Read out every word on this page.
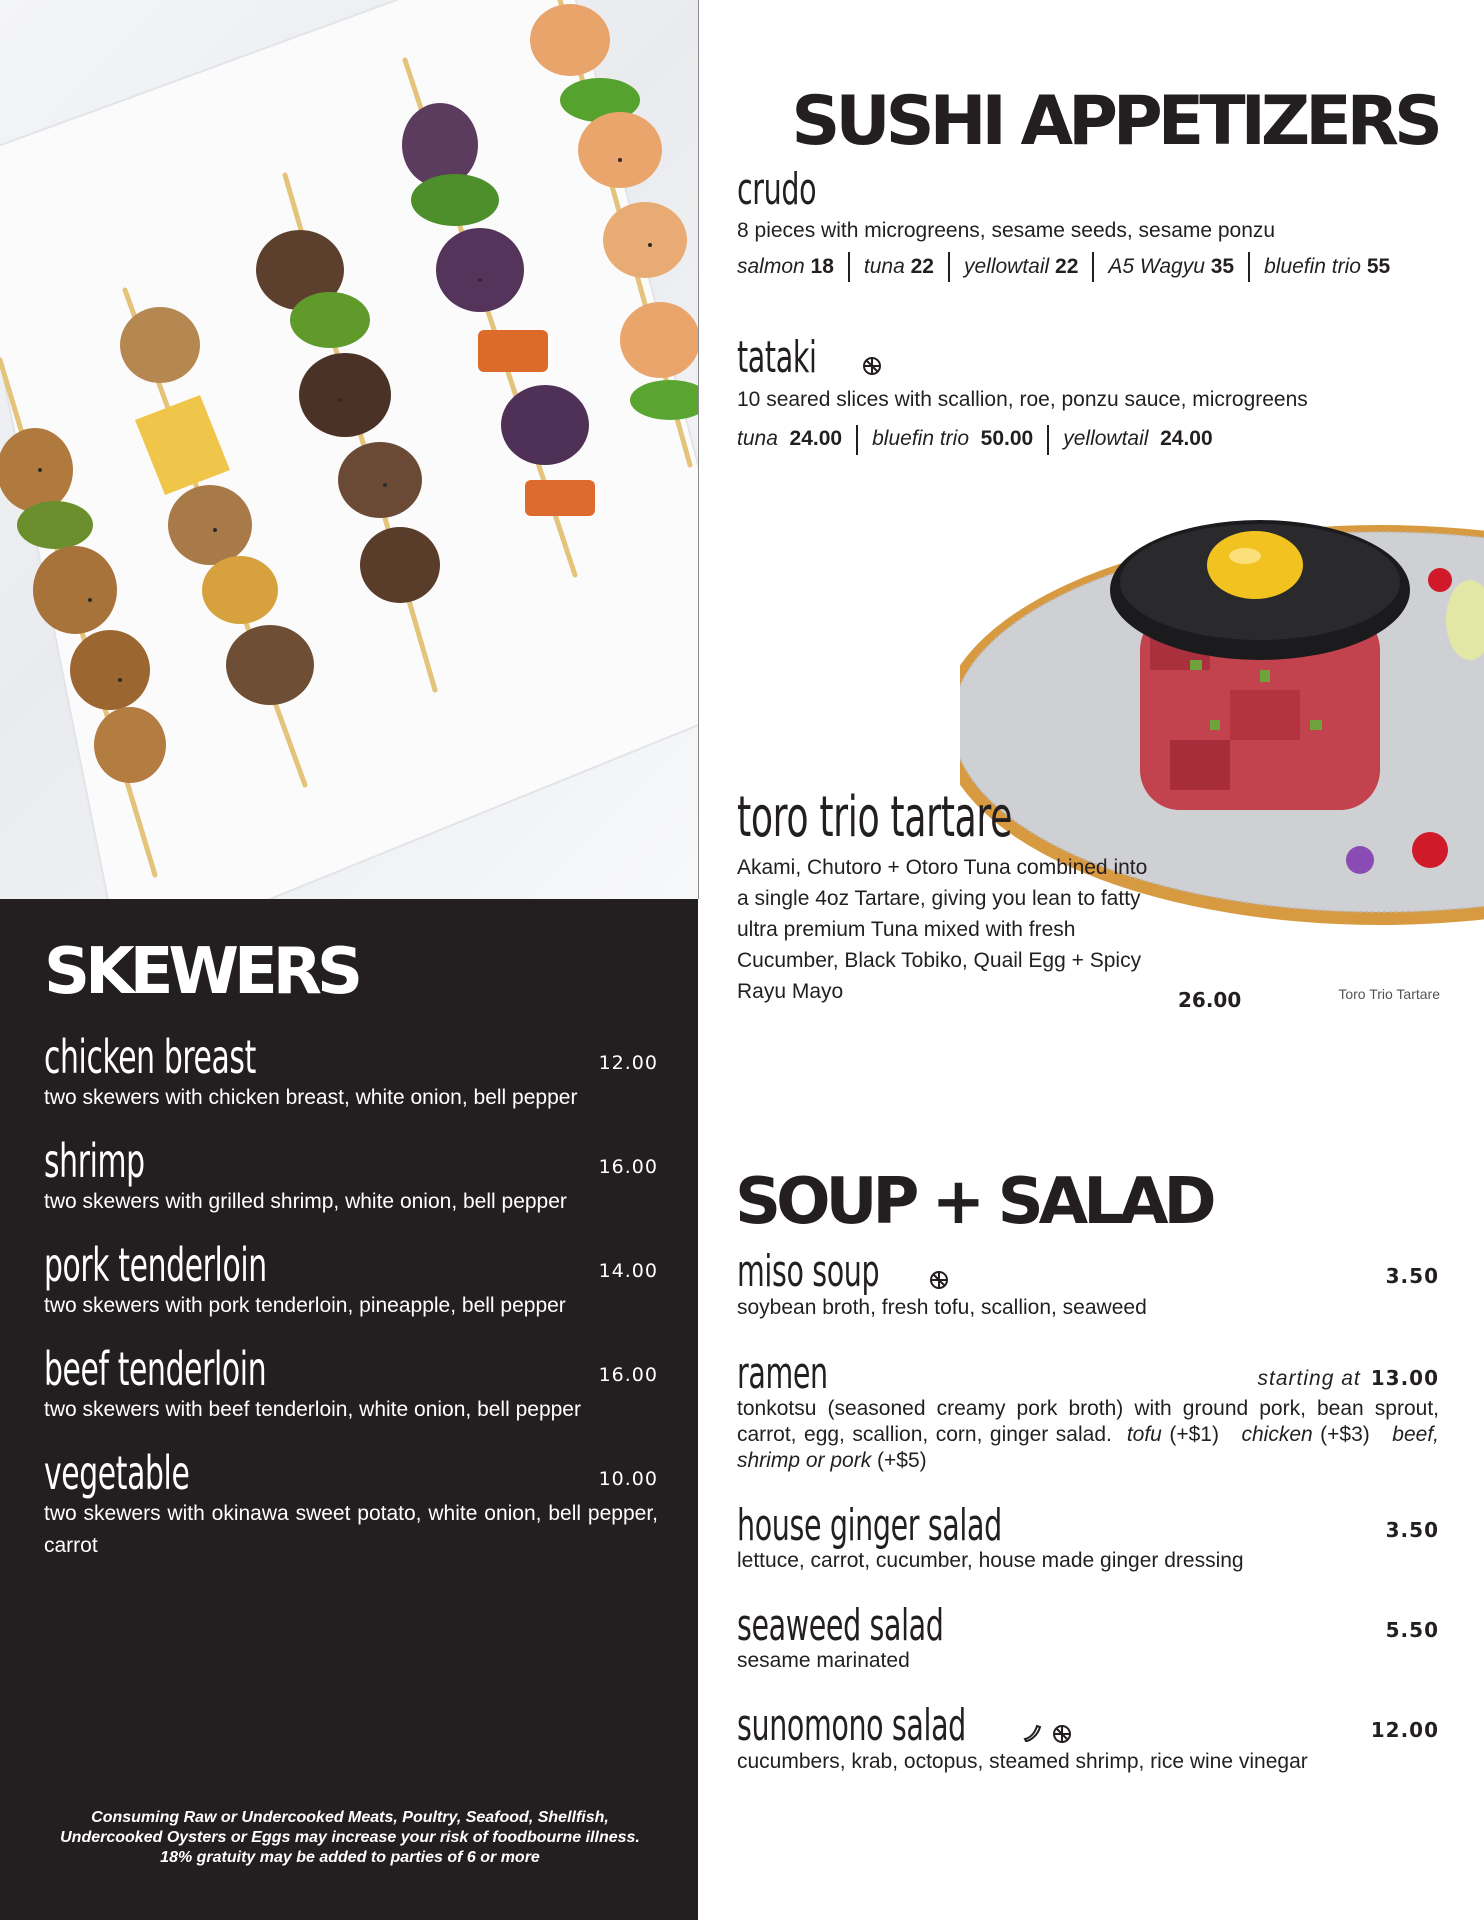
SKEWERS
chicken breast	12.00
two skewers with chicken breast, white onion, bell pepper
shrimp	16.00
two skewers with grilled shrimp, white onion, bell pepper
pork tenderloin	14.00
two skewers with pork tenderloin, pineapple, bell pepper
beef tenderloin	16.00
two skewers with beef tenderloin, white onion, bell pepper
vegetable	10.00
two skewers with okinawa sweet potato, white onion, bell pepper, carrot
Consuming Raw or Undercooked Meats, Poultry, Seafood, Shellfish, Undercooked Oysters or Eggs may increase your risk of foodbourne illness. 18% gratuity may be added to parties of 6 or more
SUSHI APPETIZERS
crudo
8 pieces with microgreens, sesame seeds, sesame ponzu
salmon 18 tuna 22 yellowtail 22 A5 Wagyu 35 bluefin trio 55
tataki
10 seared slices with scallion, roe, ponzu sauce, microgreens
tuna 24.00 bluefin trio 50.00 yellowtail 24.00
Toro Trio Tartare
toro trio tartare
Akami, Chutoro + Otoro Tuna combined into a single 4oz Tartare, giving you lean to fatty ultra premium Tuna mixed with fresh Cucumber, Black Tobiko, Quail Egg + Spicy Rayu Mayo	26.00
SOUP + SALAD
miso soup	3.50
soybean broth, fresh tofu, scallion, seaweed
ramen	starting at 13.00
tonkotsu (seasoned creamy pork broth) with ground pork, bean sprout, carrot, egg, scallion, corn, ginger salad. tofu (+$1) chicken (+$3) beef, shrimp or pork (+$5)
house ginger salad	3.50
lettuce, carrot, cucumber, house made ginger dressing
seaweed salad	5.50
sesame marinated
sunomono salad	12.00
cucumbers, krab, octopus, steamed shrimp, rice wine vinegar
